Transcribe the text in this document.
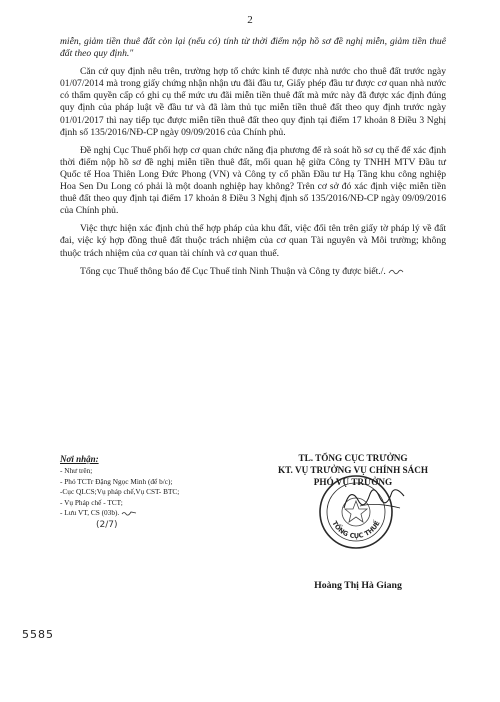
2

miễn, giảm tiền thuê đất còn lại (nếu có) tính từ thời điểm nộp hồ sơ đề nghị miễn, giảm tiền thuê đất theo quy định."

Căn cứ quy định nêu trên, trường hợp tổ chức kinh tế được nhà nước cho thuê đất trước ngày 01/07/2014 mà trong giấy chứng nhận nhận ưu đãi đầu tư, Giấy phép đầu tư được cơ quan nhà nước có thẩm quyền cấp có ghi cụ thể mức ưu đãi miễn tiền thuê đất mà mức này đã được xác định đúng quy định của pháp luật về đầu tư và đã làm thủ tục miễn tiền thuê đất theo quy định trước ngày 01/01/2017 thì nay tiếp tục được miễn tiền thuê đất theo quy định tại điểm 17 khoản 8 Điều 3 Nghị định số 135/2016/NĐ-CP ngày 09/09/2016 của Chính phủ.

Đề nghị Cục Thuế phối hợp cơ quan chức năng địa phương để rà soát hồ sơ cụ thể để xác định thời điểm nộp hồ sơ đề nghị miễn tiền thuê đất, mối quan hệ giữa Công ty TNHH MTV Đầu tư Quốc tế Hoa Thiên Long Đức Phong (VN) và Công ty cổ phần Đầu tư Hạ Tầng khu công nghiệp Hoa Sen Du Long có phải là một doanh nghiệp hay không? Trên cơ sở đó xác định việc miễn tiền thuê đất theo quy định tại điểm 17 khoản 8 Điều 3 Nghị định số 135/2016/NĐ-CP ngày 09/09/2016 của Chính phủ.

Việc thực hiện xác định chủ thể hợp pháp của khu đất, việc đối tên trên giấy tờ pháp lý về đất đai, việc ký hợp đồng thuê đất thuộc trách nhiệm của cơ quan Tài nguyên và Môi trường; không thuộc trách nhiệm của cơ quan tài chính và cơ quan thuế.

Tổng cục Thuế thông báo để Cục Thuế tỉnh Ninh Thuận và Công ty được biết./.

Nơi nhận:
- Như trên;
- Phó TCTr Đặng Ngọc Minh (để b/c);
-Cục QLCS;Vụ pháp chế,Vụ CST- BTC;
- Vụ Pháp chế - TCT;
- Lưu VT, CS (03b).
(2/7)
TL. TỔNG CỤC TRƯỞNG
KT. VỤ TRƯỞNG VỤ CHÍNH SÁCH
PHÓ VỤ TRƯỞNG
TỔNG CỤC THUẾ
Hoàng Thị Hà Giang
5585
